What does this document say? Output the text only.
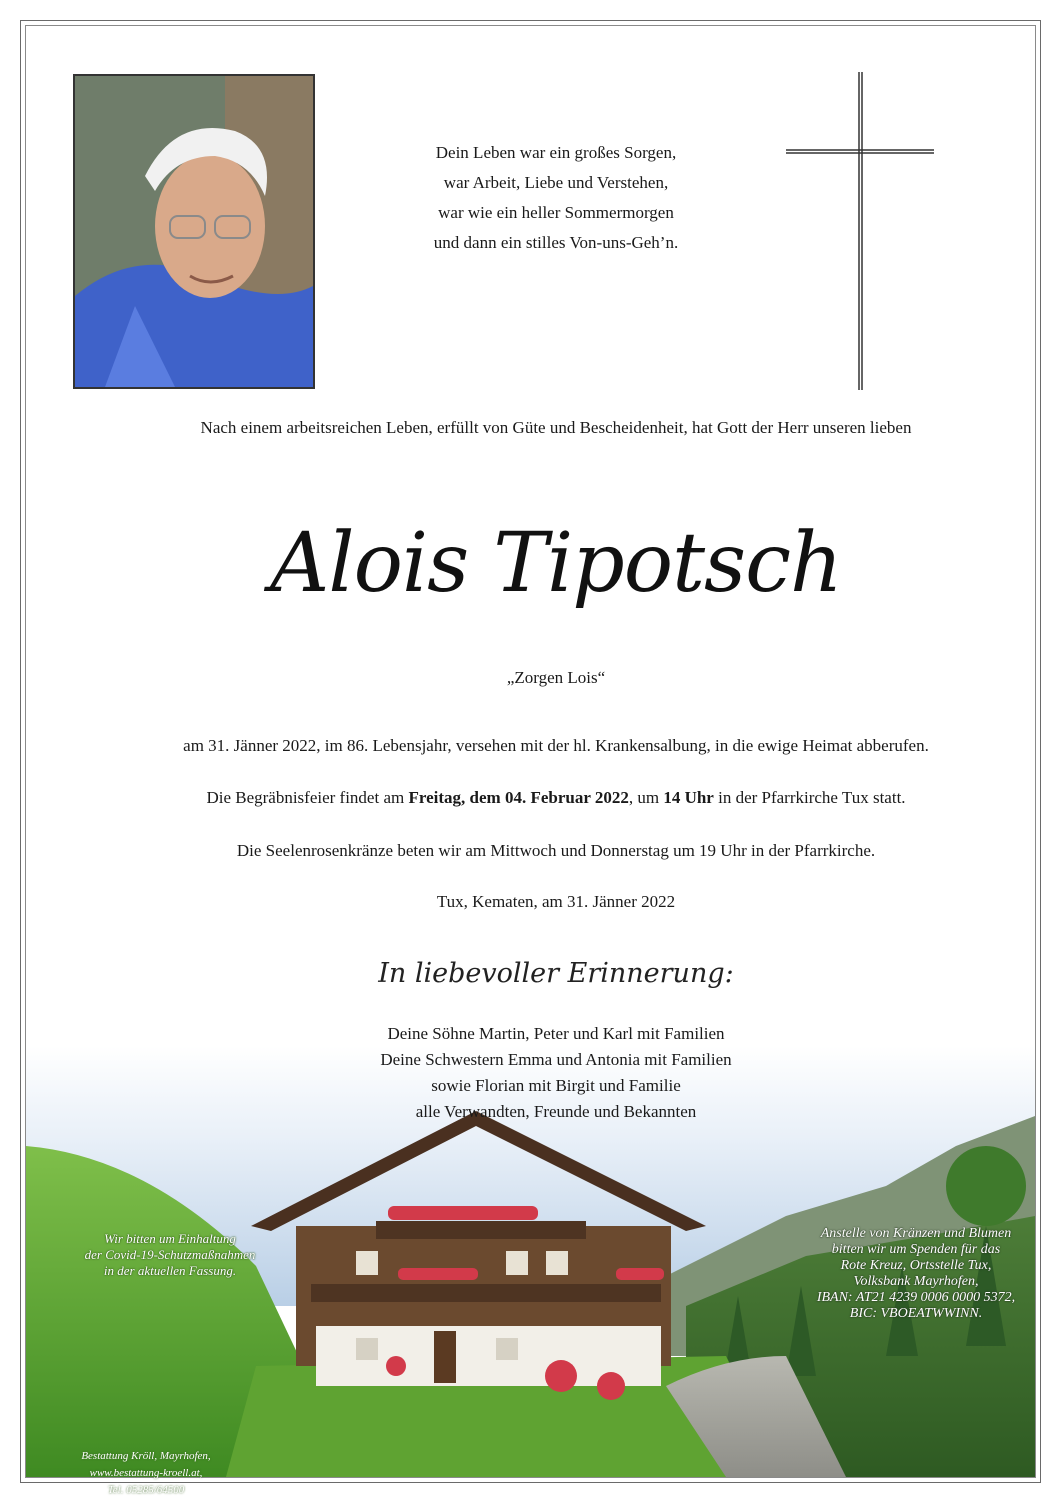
Dein Leben war ein großes Sorgen,
war Arbeit, Liebe und Verstehen,
war wie ein heller Sommermorgen
und dann ein stilles Von-uns-Geh’n.
Nach einem arbeitsreichen Leben, erfüllt von Güte und Bescheidenheit, hat Gott der Herr unseren lieben
Alois Tipotsch
„Zorgen Lois“
am 31. Jänner 2022, im 86. Lebensjahr, versehen mit der hl. Krankensalbung, in die ewige Heimat abberufen.
Die Begräbnisfeier findet am Freitag, dem 04. Februar 2022, um 14 Uhr in der Pfarrkirche Tux statt.
Die Seelenrosenkränze beten wir am Mittwoch und Donnerstag um 19 Uhr in der Pfarrkirche.
Tux, Kematen, am 31. Jänner 2022
In liebevoller Erinnerung:
Deine Söhne Martin, Peter und Karl mit Familien
Deine Schwestern Emma und Antonia mit Familien
sowie Florian mit Birgit und Familie
alle Verwandten, Freunde und Bekannten
Wir bitten um Einhaltung
der Covid-19-Schutzmaßnahmen
in der aktuellen Fassung.
Anstelle von Kränzen und Blumen
bitten wir um Spenden für das
Rote Kreuz, Ortsstelle Tux,
Volksbank Mayrhofen,
IBAN: AT21 4239 0006 0000 5372,
BIC: VBOEATWWINN.
Bestattung Kröll, Mayrhofen,
www.bestattung-kroell.at,
Tel. 05285/64500
